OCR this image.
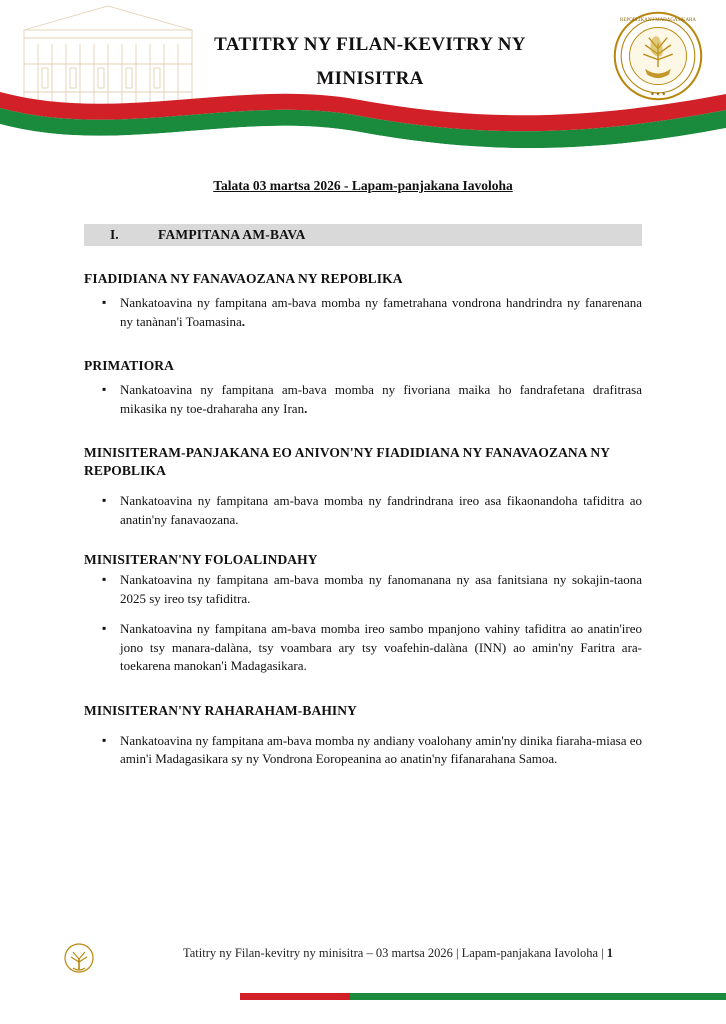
TATITRY NY FILAN-KEVITRY NY
MINISITRA
REPOBLIKAN'I MADAGASIKARA
★ ★ ★
Talata 03 martsa 2026 - Lapam-panjakana Iavoloha
I.	FAMPITANA AM-BAVA
FIADIDIANA NY FANAVAOZANA NY REPOBLIKA
▪ Nankatoavina ny fampitana am-bava momba ny fametrahana vondrona handrindra ny fanarenana ny tanànan'i Toamasina.
PRIMATIORA
▪ Nankatoavina ny fampitana am-bava momba ny fivoriana maika ho fandrafetana drafitrasa mikasika ny toe-draharaha any Iran.
MINISITERAM-PANJAKANA EO ANIVON'NY FIADIDIANA NY FANAVAOZANA NY REPOBLIKA
▪ Nankatoavina ny fampitana am-bava momba ny fandrindrana ireo asa fikaonandoha tafiditra ao anatin'ny fanavaozana.
MINISITERAN'NY FOLOALINDAHY
▪ Nankatoavina ny fampitana am-bava momba ny fanomanana ny asa fanitsiana ny sokajin-taona 2025 sy ireo tsy tafiditra.
▪ Nankatoavina ny fampitana am-bava momba ireo sambo mpanjono vahiny tafiditra ao anatin'ireo jono tsy manara-dalàna, tsy voambara ary tsy voafehin-dalàna (INN) ao amin'ny Faritra ara-toekarena manokan'i Madagasikara.
MINISITERAN'NY RAHARAHAM-BAHINY
▪ Nankatoavina ny fampitana am-bava momba ny andiany voalohany amin'ny dinika fiaraha-miasa eo amin'i Madagasikara sy ny Vondrona Eoropeanina ao anatin'ny fifanarahana Samoa.
Tatitry ny Filan-kevitry ny minisitra – 03 martsa 2026 | Lapam-panjakana Iavoloha | 1
